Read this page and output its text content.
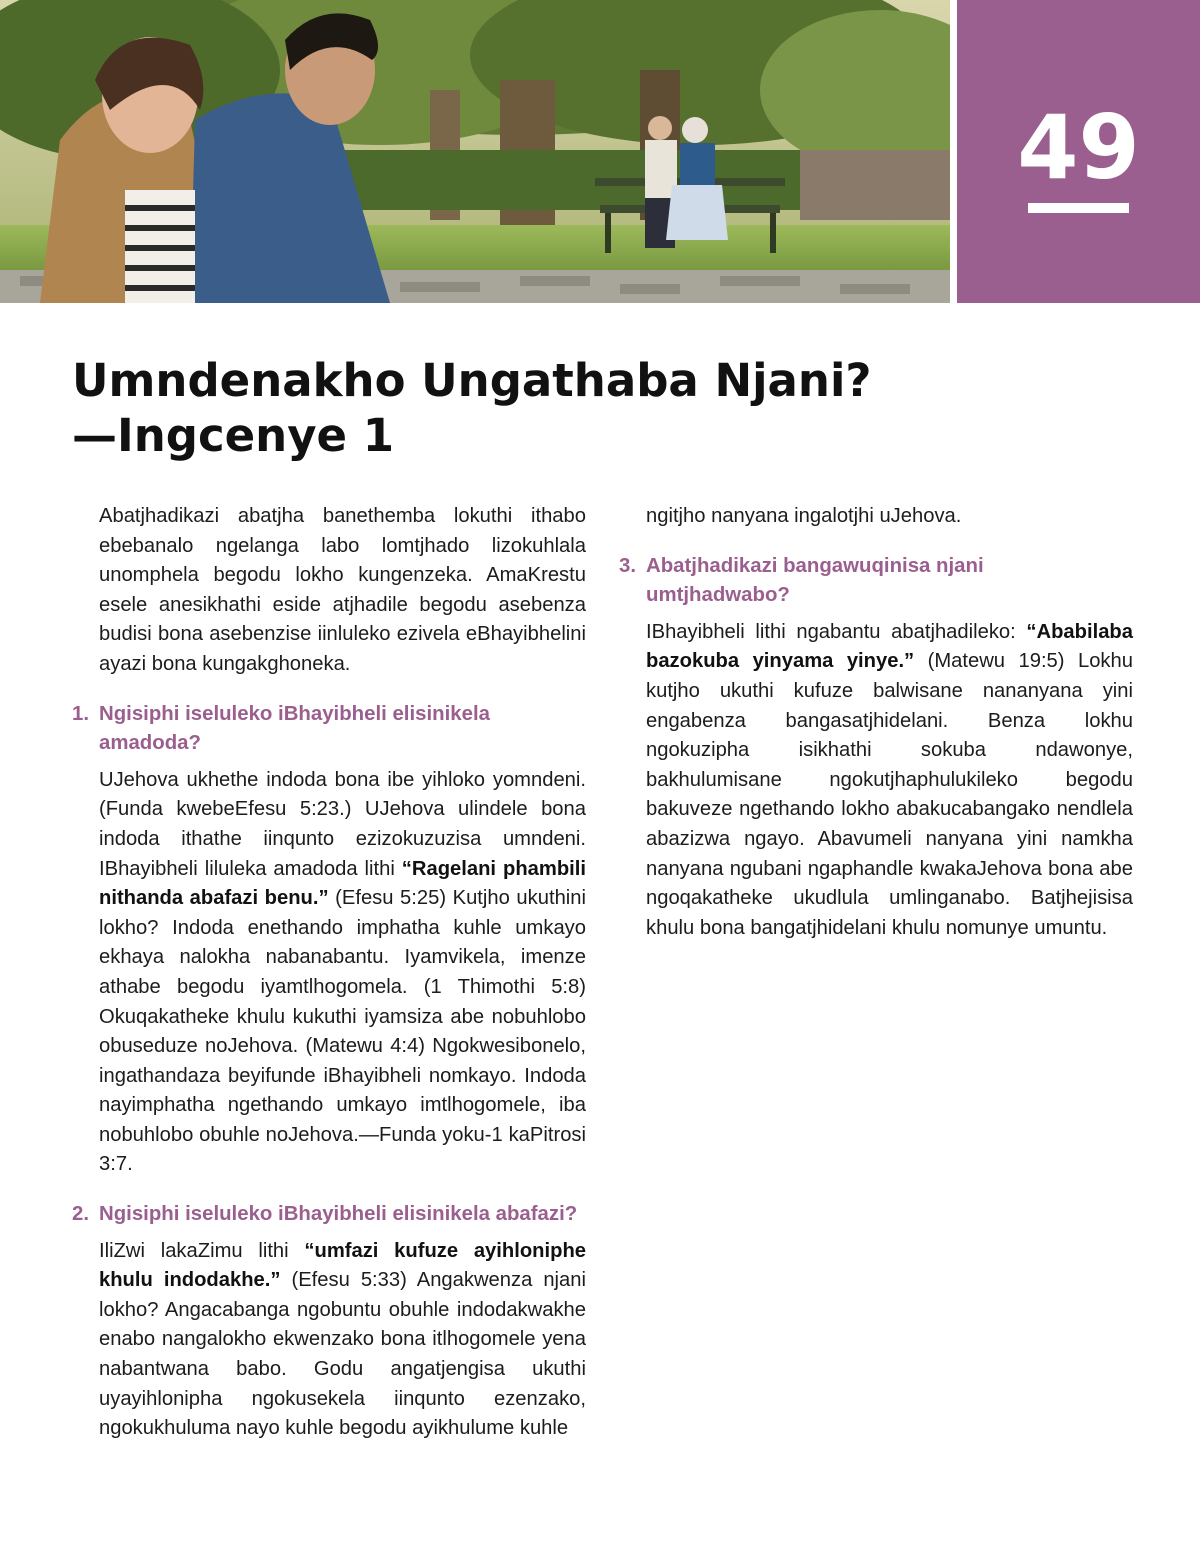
49
Umndenakho Ungathaba Njani?
—Ingcenye 1

Abatjhadikazi abatjha banethemba lokuthi ithabo ebebanalo ngelanga labo lomtjhado lizokuhlala unomphela begodu lokho kungenzeka. AmaKrestu esele anesikhathi eside atjhadile begodu asebenza budisi bona asebenzise iinluleko ezivela eBhayibhelini ayazi bona kungakghoneka.

1. Ngisiphi iseluleko iBhayibheli elisinikela amadoda?

UJehova ukhethe indoda bona ibe yihloko yomndeni. (Funda kwebeEfesu 5:23.) UJehova ulindele bona indoda ithathe iinqunto ezizokuzuzisa umndeni. IBhayibheli liluleka amadoda lithi “Ragelani phambili nithanda abafazi benu.” (Efesu 5:25) Kutjho ukuthini lokho? Indoda enethando imphatha kuhle umkayo ekhaya nalokha nabanabantu. Iyamvikela, imenze athabe begodu iyamtlhogomela. (1 Thimothi 5:8) Okuqakatheke khulu kukuthi iyamsiza abe nobuhlobo obuseduze noJehova. (Matewu 4:4) Ngokwesibonelo, ingathandaza beyifunde iBhayibheli nomkayo. Indoda nayimphatha ngethando umkayo imtlhogomele, iba nobuhlobo obuhle noJehova.—Funda yoku-1 kaPitrosi 3:7.

2. Ngisiphi iseluleko iBhayibheli elisinikela abafazi?

IliZwi lakaZimu lithi “umfazi kufuze ayihloniphe khulu indodakhe.” (Efesu 5:33) Angakwenza njani lokho? Angacabanga ngobuntu obuhle indodakwakhe enabo nangalokho ekwenzako bona itlhogomele yena nabantwana babo. Godu angatjengisa ukuthi uyayihlonipha ngokusekela iinqunto ezenzako, ngokukhuluma nayo kuhle begodu ayikhulume kuhle

ngitjho nanyana ingalotjhi uJehova.

3. Abatjhadikazi bangawuqinisa njani umtjhadwabo?

IBhayibheli lithi ngabantu abatjhadileko: “Ababilaba bazokuba yinyama yinye.” (Matewu 19:5) Lokhu kutjho ukuthi kufuze balwisane nananyana yini engabenza bangasatjhidelani. Benza lokhu ngokuzipha isikhathi sokuba ndawonye, bakhulumisane ngokutjhaphulukileko begodu bakuveze ngethando lokho abakucabangako nendlela abazizwa ngayo. Abavumeli nanyana yini namkha nanyana ngubani ngaphandle kwakaJehova bona abe ngoqakatheke ukudlula umlinganabo. Batjhejisisa khulu bona bangatjhidelani khulu nomunye umuntu.
